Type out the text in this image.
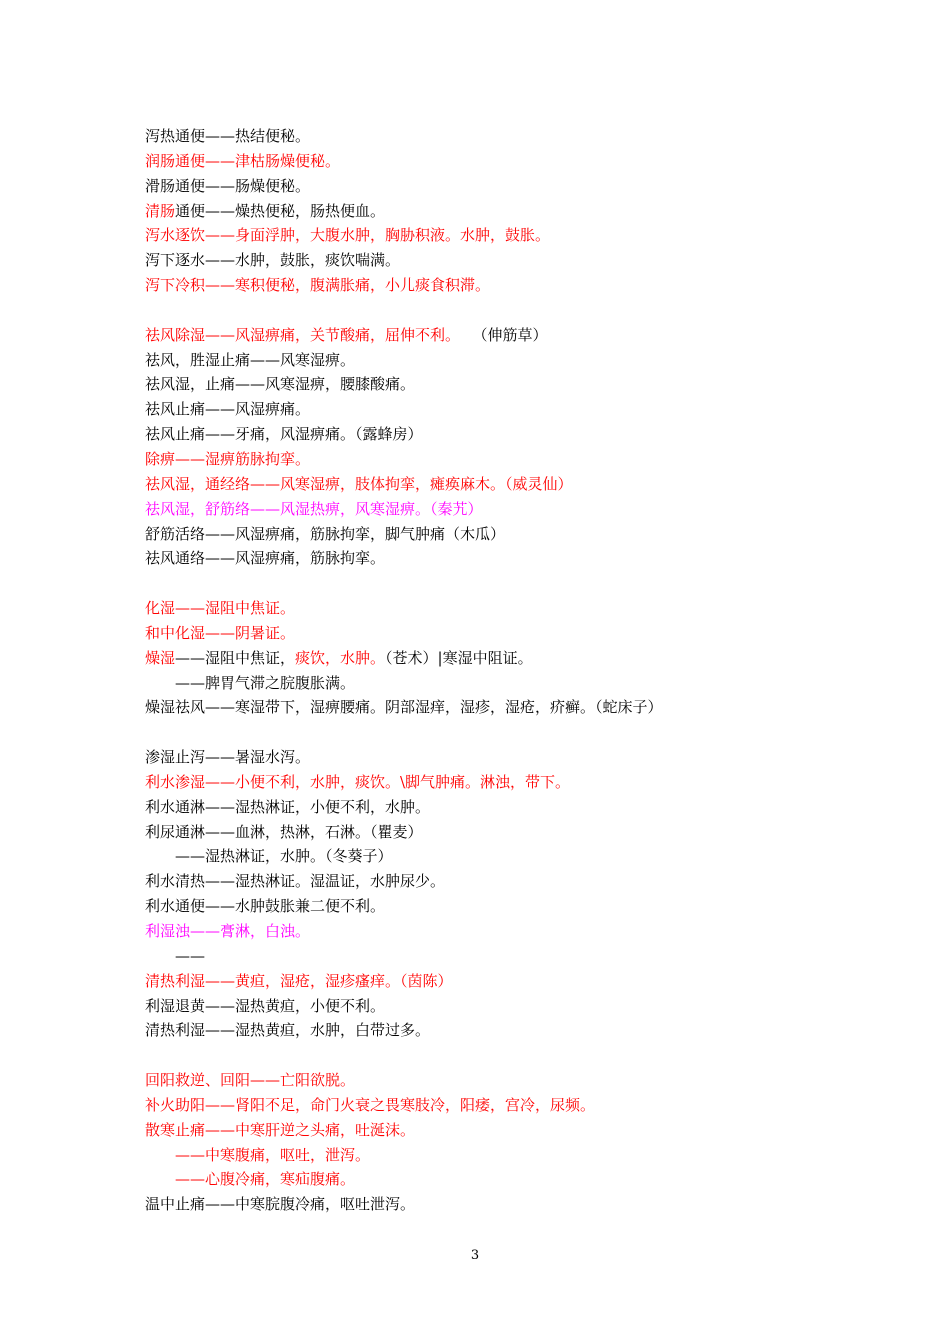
泻热通便——热结便秘。
润肠通便——津枯肠燥便秘。
滑肠通便——肠燥便秘。
清肠通便——燥热便秘，肠热便血。
泻水逐饮——身面浮肿，大腹水肿，胸胁积液。水肿，鼓胀。
泻下逐水——水肿，鼓胀，痰饮喘满。
泻下冷积——寒积便秘，腹满胀痛，小儿痰食积滞。
祛风除湿——风湿痹痛，关节酸痛，屈伸不利。 （伸筋草）
祛风，胜湿止痛——风寒湿痹。
祛风湿，止痛——风寒湿痹，腰膝酸痛。
祛风止痛——风湿痹痛。
祛风止痛——牙痛，风湿痹痛。（露蜂房）
除痹——湿痹筋脉拘挛。
祛风湿，通经络——风寒湿痹，肢体拘挛，瘫痪麻木。（威灵仙）
祛风湿，舒筋络——风湿热痹，风寒湿痹。（秦艽）
舒筋活络——风湿痹痛，筋脉拘挛，脚气肿痛（木瓜）
祛风通络——风湿痹痛，筋脉拘挛。
化湿——湿阻中焦证。
和中化湿——阴暑证。
燥湿——湿阻中焦证，痰饮，水肿。（苍术）|寒湿中阻证。
——脾胃气滞之脘腹胀满。
燥湿祛风——寒湿带下，湿痹腰痛。阴部湿痒，湿疹，湿疮，疥癣。（蛇床子）
渗湿止泻——暑湿水泻。
利水渗湿——小便不利，水肿，痰饮。\脚气肿痛。淋浊，带下。
利水通淋——湿热淋证，小便不利，水肿。
利尿通淋——血淋，热淋，石淋。（瞿麦）
——湿热淋证，水肿。（冬葵子）
利水清热——湿热淋证。湿温证，水肿尿少。
利水通便——水肿鼓胀兼二便不利。
利湿浊——膏淋，白浊。
——
清热利湿——黄疸，湿疮，湿疹瘙痒。（茵陈）
利湿退黄——湿热黄疸，小便不利。
清热利湿——湿热黄疸，水肿，白带过多。
回阳救逆、回阳——亡阳欲脱。
补火助阳——肾阳不足，命门火衰之畏寒肢冷，阳痿，宫冷，尿频。
散寒止痛——中寒肝逆之头痛，吐涎沫。
——中寒腹痛，呕吐，泄泻。
——心腹冷痛，寒疝腹痛。
温中止痛——中寒脘腹冷痛，呕吐泄泻。
3
